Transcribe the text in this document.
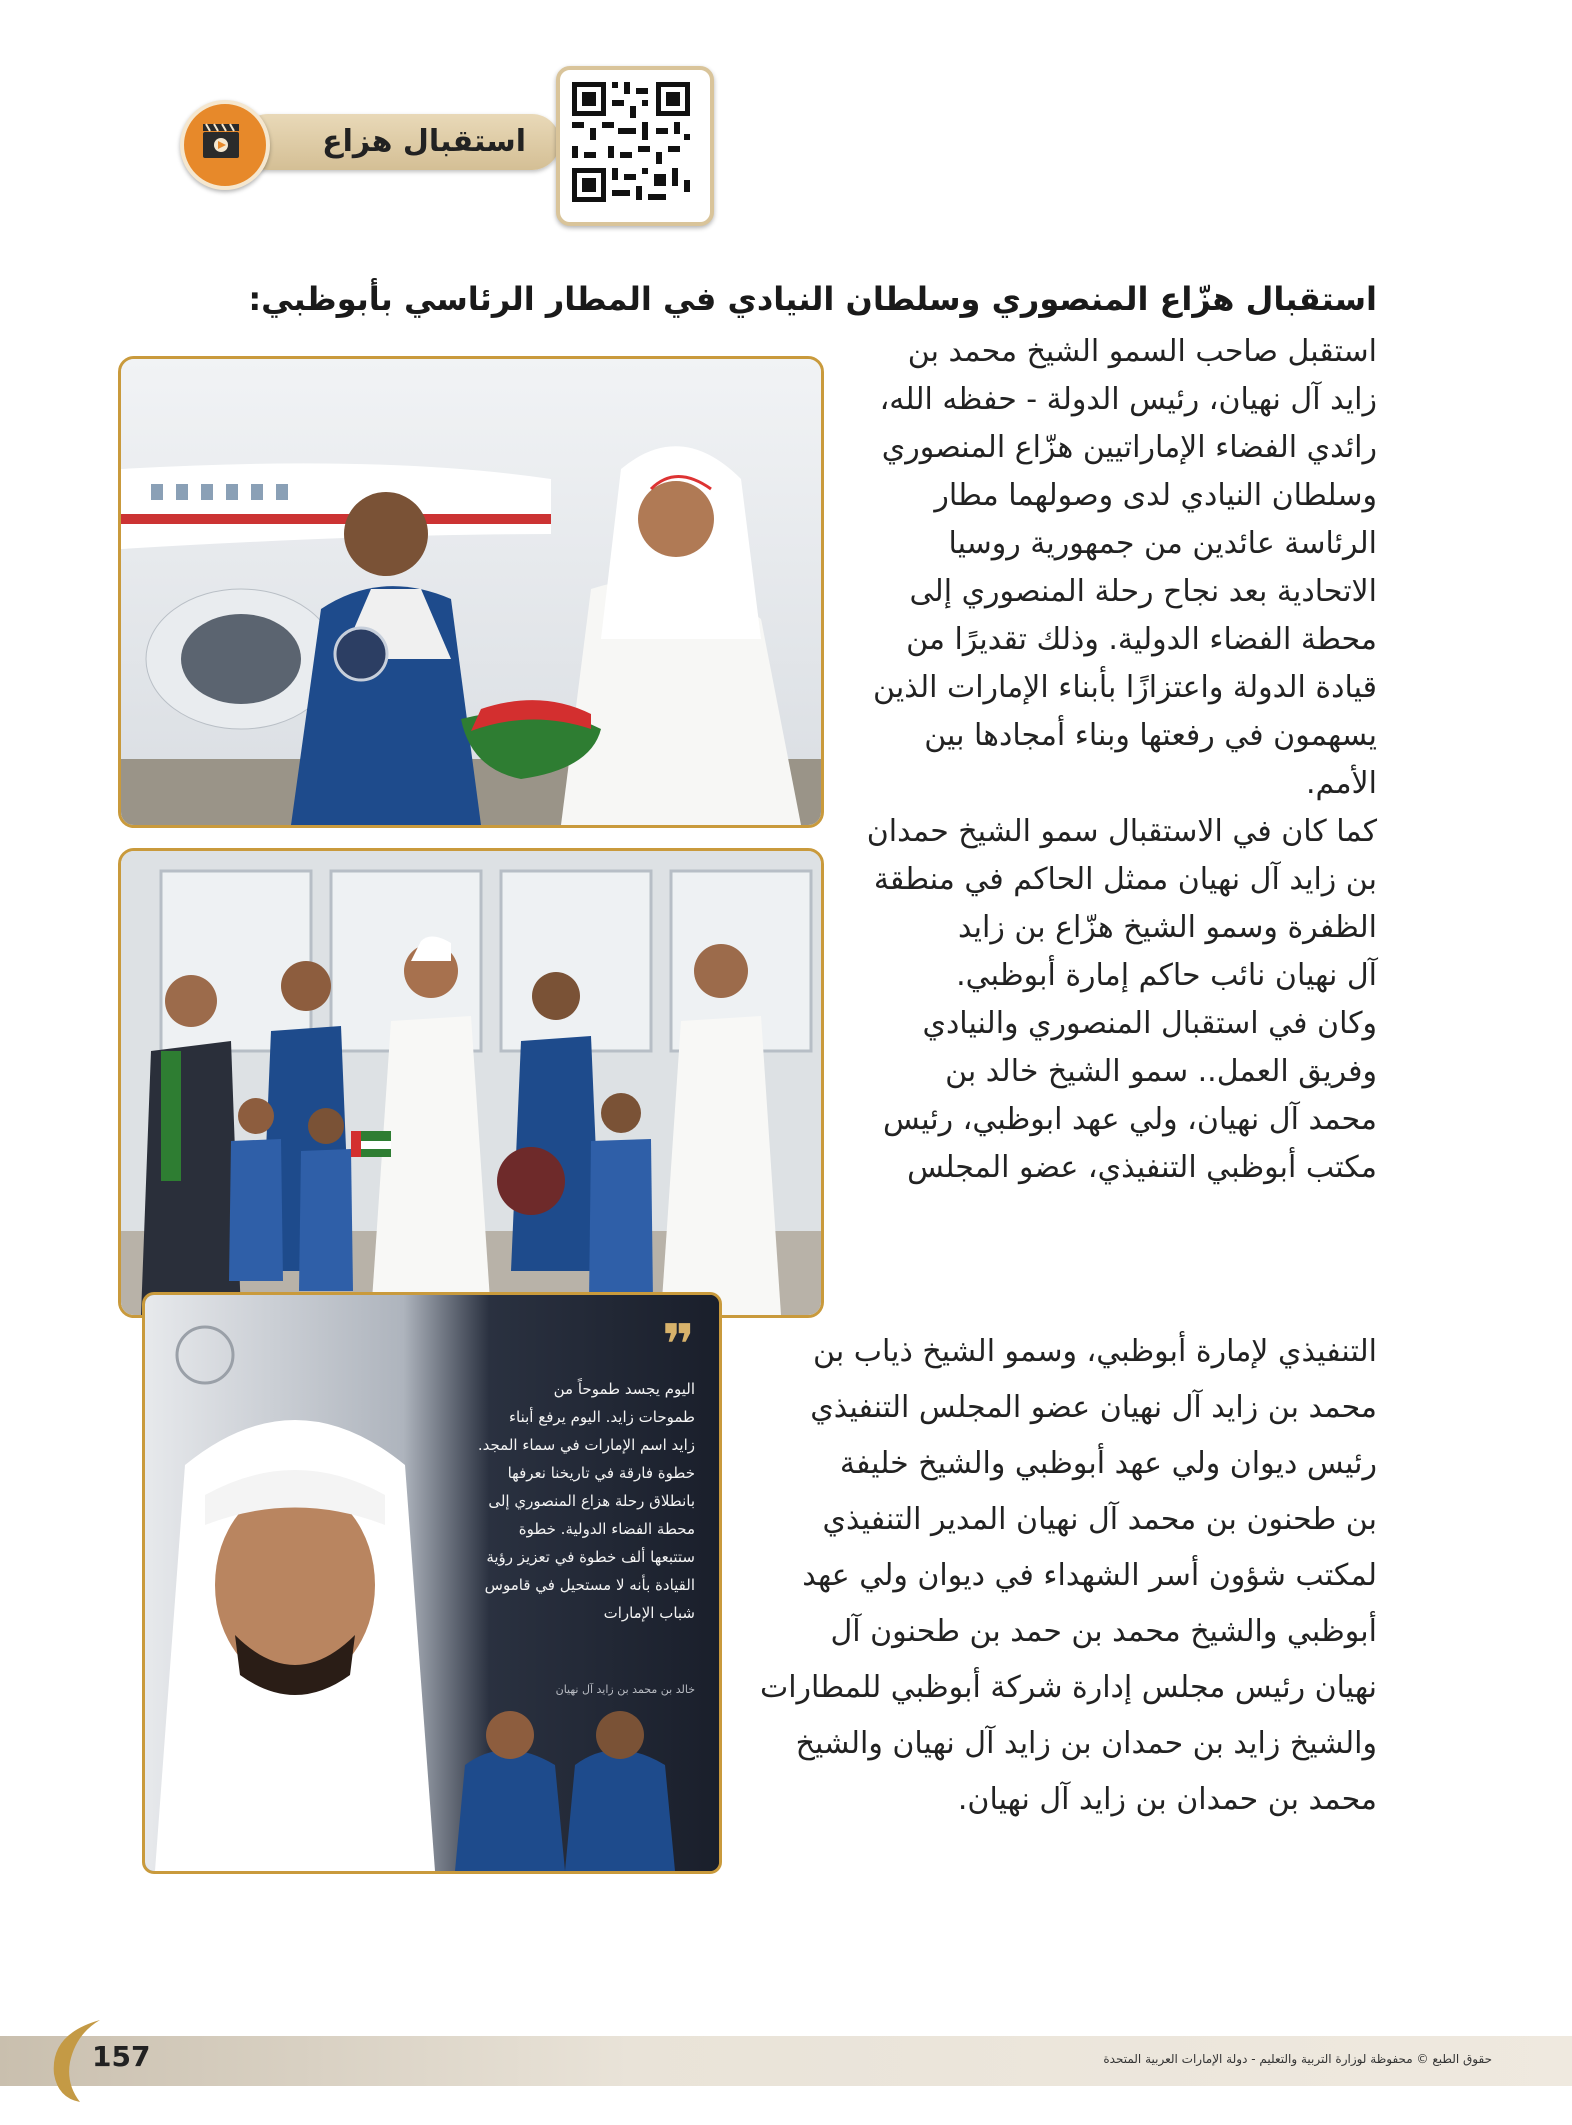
استقبال هزاع
استقبال هزّاع المنصوري وسلطان النيادي في المطار الرئاسي بأبوظبي:
استقبل صاحب السمو الشيخ محمد بن
زايد آل نهيان، رئيس الدولة - حفظه الله،
رائدي الفضاء الإماراتيين هزّاع المنصوري
وسلطان النيادي لدى وصولهما مطار
الرئاسة عائدين من جمهورية روسيا
الاتحادية بعد نجاح رحلة المنصوري إلى
محطة الفضاء الدولية. وذلك تقديرًا من
قيادة الدولة واعتزازًا بأبناء الإمارات الذين
يسهمون في رفعتها وبناء أمجادها بين
الأمم.
كما كان في الاستقبال سمو الشيخ حمدان
بن زايد آل نهيان ممثل الحاكم في منطقة
الظفرة وسمو الشيخ هزّاع بن زايد
آل نهيان نائب حاكم إمارة أبوظبي.
وكان في استقبال المنصوري والنيادي
وفريق العمل.. سمو الشيخ خالد بن
محمد آل نهيان، ولي عهد ابوظبي، رئيس
مكتب أبوظبي التنفيذي، عضو المجلس
التنفيذي لإمارة أبوظبي، وسمو الشيخ ذياب بن
محمد بن زايد آل نهيان عضو المجلس التنفيذي
رئيس ديوان ولي عهد أبوظبي والشيخ خليفة
بن طحنون بن محمد آل نهيان المدير التنفيذي
لمكتب شؤون أسر الشهداء في ديوان ولي عهد
أبوظبي والشيخ محمد بن حمد بن طحنون آل
نهيان رئيس مجلس إدارة شركة أبوظبي للمطارات
والشيخ زايد بن حمدان بن زايد آل نهيان والشيخ
محمد بن حمدان بن زايد آل نهيان.
❞
اليوم يجسد طموحاً من
طموحات زايد. اليوم يرفع أبناء
زايد اسم الإمارات في سماء المجد.
خطوة فارقة في تاريخنا نعرفها
بانطلاق رحلة هزاع المنصوري إلى
محطة الفضاء الدولية. خطوة
ستتبعها ألف خطوة في تعزيز رؤية
القيادة بأنه لا مستحيل في قاموس
شباب الإمارات
خالد بن محمد بن زايد آل نهيان
157	حقوق الطبع © محفوظة لوزارة التربية والتعليم - دولة الإمارات العربية المتحدة
